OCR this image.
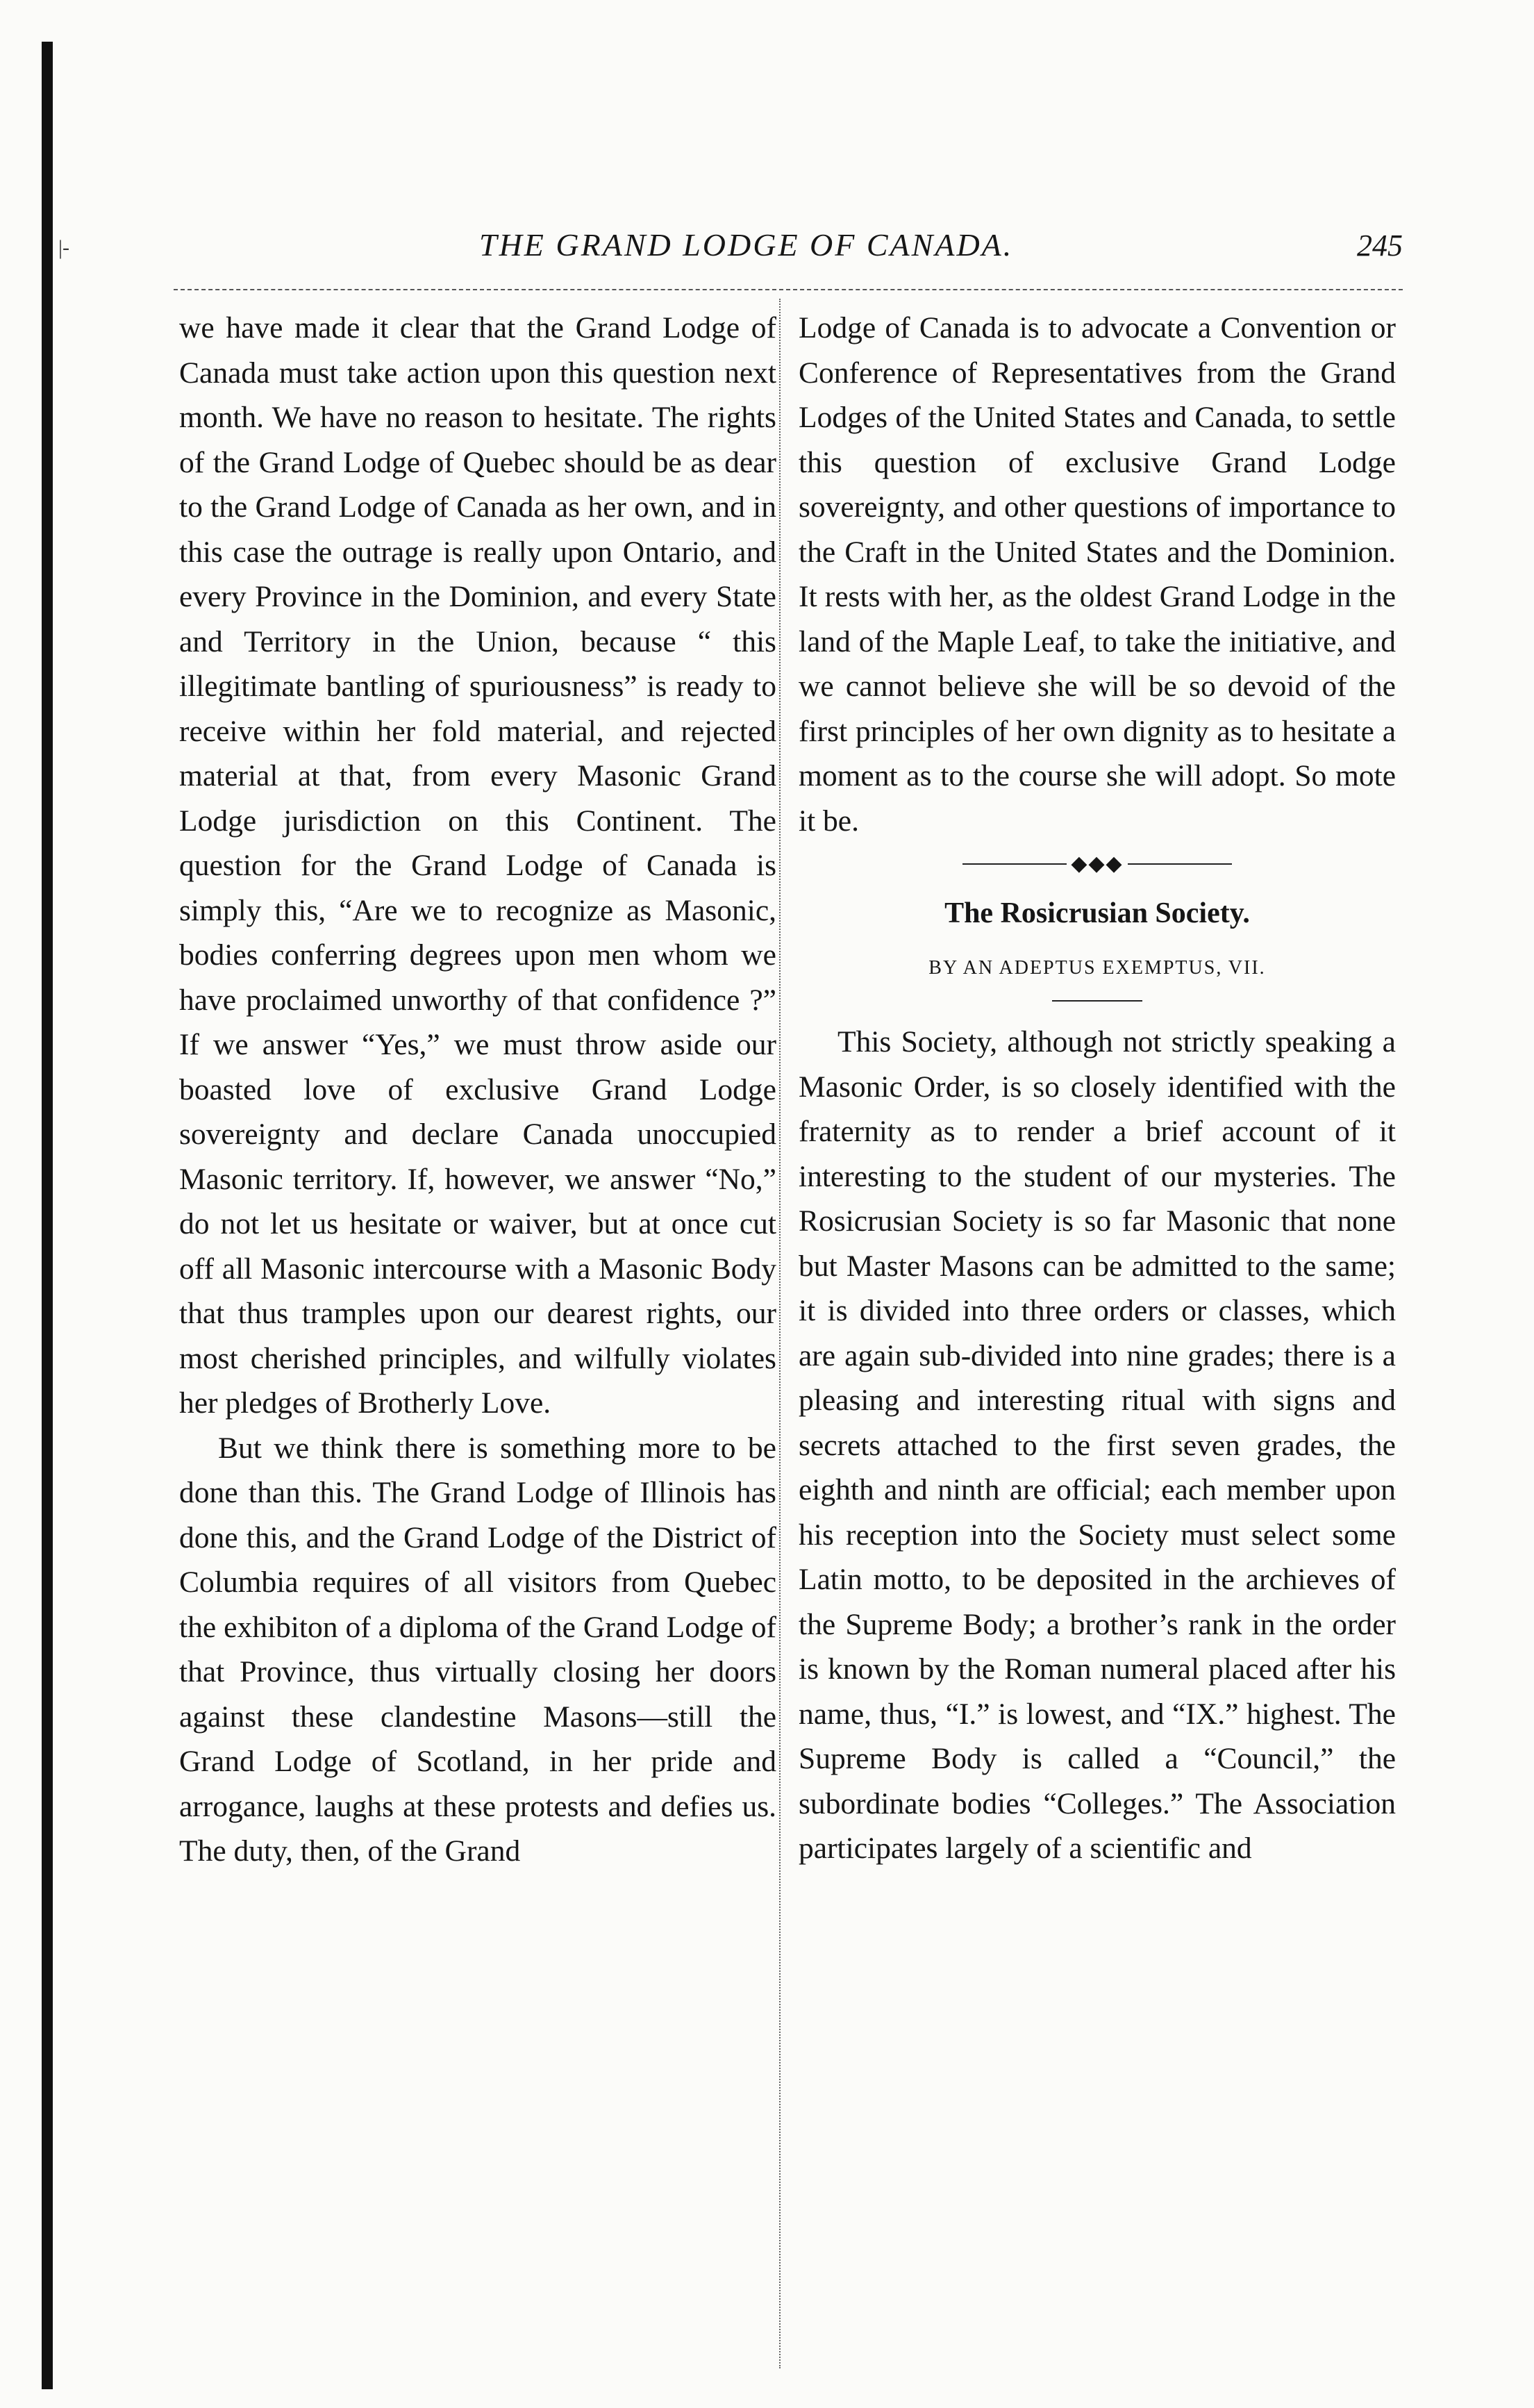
|-	THE GRAND LODGE OF CANADA.	245

we have made it clear that the Grand Lodge of Canada must take action upon this question next month. We have no reason to hesitate. The rights of the Grand Lodge of Quebec should be as dear to the Grand Lodge of Canada as her own, and in this case the outrage is really upon Ontario, and every Province in the Dominion, and every State and Territory in the Union, because “ this illegitimate bantling of spuriousness” is ready to receive within her fold material, and rejected material at that, from every Masonic Grand Lodge jurisdiction on this Continent. The question for the Grand Lodge of Canada is simply this, “Are we to recognize as Masonic, bodies conferring degrees upon men whom we have proclaimed unworthy of that confidence ?” If we answer “Yes,” we must throw aside our boasted love of exclusive Grand Lodge sovereignty and declare Canada unoccupied Masonic territory. If, however, we answer “No,” do not let us hesitate or waiver, but at once cut off all Masonic intercourse with a Masonic Body that thus tramples upon our dearest rights, our most cherished principles, and wilfully violates her pledges of Brotherly Love.

But we think there is something more to be done than this. The Grand Lodge of Illinois has done this, and the Grand Lodge of the District of Columbia requires of all visitors from Quebec the exhibiton of a diploma of the Grand Lodge of that Province, thus virtually closing her doors against these clandestine Masons—still the Grand Lodge of Scotland, in her pride and arrogance, laughs at these protests and defies us. The duty, then, of the Grand

Lodge of Canada is to advocate a Convention or Conference of Representatives from the Grand Lodges of the United States and Canada, to settle this question of exclusive Grand Lodge sovereignty, and other questions of importance to the Craft in the United States and the Dominion. It rests with her, as the oldest Grand Lodge in the land of the Maple Leaf, to take the initiative, and we cannot believe she will be so devoid of the first principles of her own dignity as to hesitate a moment as to the course she will adopt. So mote it be.

◆◆◆
The Rosicrusian Society.
BY AN ADEPTUS EXEMPTUS, VII.

This Society, although not strictly speaking a Masonic Order, is so closely identified with the fraternity as to render a brief account of it interesting to the student of our mysteries. The Rosicrusian Society is so far Masonic that none but Master Masons can be admitted to the same; it is divided into three orders or classes, which are again sub-divided into nine grades; there is a pleasing and interesting ritual with signs and secrets attached to the first seven grades, the eighth and ninth are official; each member upon his reception into the Society must select some Latin motto, to be deposited in the archieves of the Supreme Body; a brother’s rank in the order is known by the Roman numeral placed after his name, thus, “I.” is lowest, and “IX.” highest. The Supreme Body is called a “Council,” the subordinate bodies “Colleges.” The Association participates largely of a scientific and
